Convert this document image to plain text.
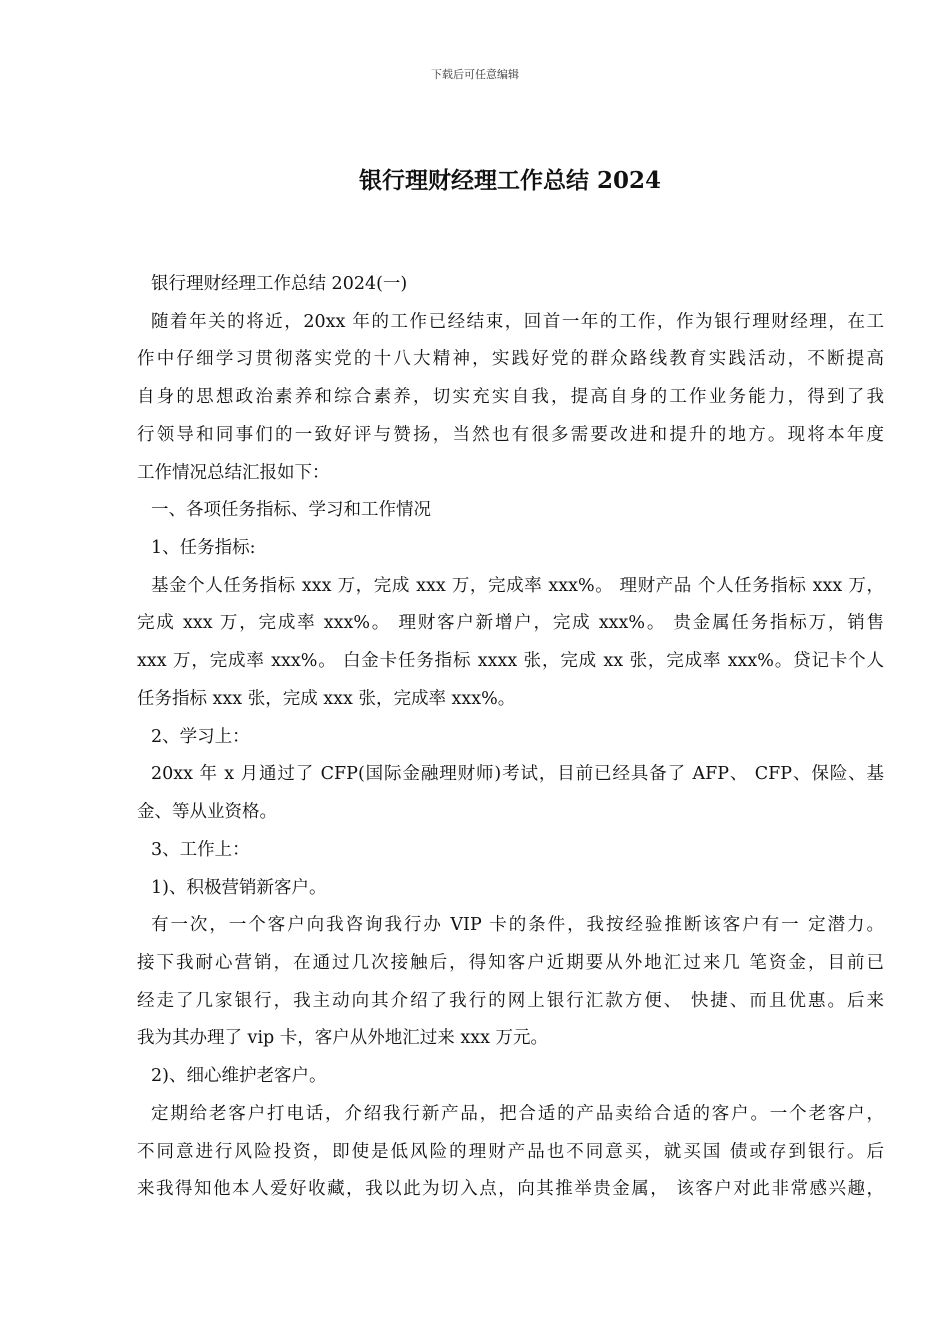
下载后可任意编辑
银行理财经理工作总结 2024
银行理财经理工作总结 2024(一)
随着年关的将近，20xx 年的工作已经结束，回首一年的工作，作为银行理财经理，在工
作中仔细学习贯彻落实党的十八大精神，实践好党的群众路线教育实践活动，不断提高
自身的思想政治素养和综合素养，切实充实自我，提高自身的工作业务能力，得到了我
行领导和同事们的一致好评与赞扬，当然也有很多需要改进和提升的地方。现将本年度
工作情况总结汇报如下：
一、各项任务指标、学习和工作情况
1、任务指标:
基金个人任务指标 xxx 万，完成 xxx 万，完成率 xxx%。 理财产品 个人任务指标 xxx 万，
完成 xxx 万，完成率 xxx%。 理财客户新增户，完成 xxx%。 贵金属任务指标万，销售
xxx 万，完成率 xxx%。 白金卡任务指标 xxxx 张，完成 xx 张，完成率 xxx%。贷记卡个人
任务指标 xxx 张，完成 xxx 张，完成率 xxx%。
2、学习上：
20xx 年 x 月通过了 CFP(国际金融理财师)考试，目前已经具备了 AFP、 CFP、保险、基
金、等从业资格。
3、工作上：
1)、积极营销新客户。
有一次，一个客户向我咨询我行办 VIP 卡的条件，我按经验推断该客户有一 定潜力。
接下我耐心营销，在通过几次接触后，得知客户近期要从外地汇过来几 笔资金，目前已
经走了几家银行，我主动向其介绍了我行的网上银行汇款方便、 快捷、而且优惠。后来
我为其办理了 vip 卡，客户从外地汇过来 xxx 万元。
2)、细心维护老客户。
定期给老客户打电话，介绍我行新产品，把合适的产品卖给合适的客户。一个老客户，
不同意进行风险投资，即使是低风险的理财产品也不同意买，就买国 债或存到银行。后
来我得知他本人爱好收藏，我以此为切入点，向其推举贵金属， 该客户对此非常感兴趣，
